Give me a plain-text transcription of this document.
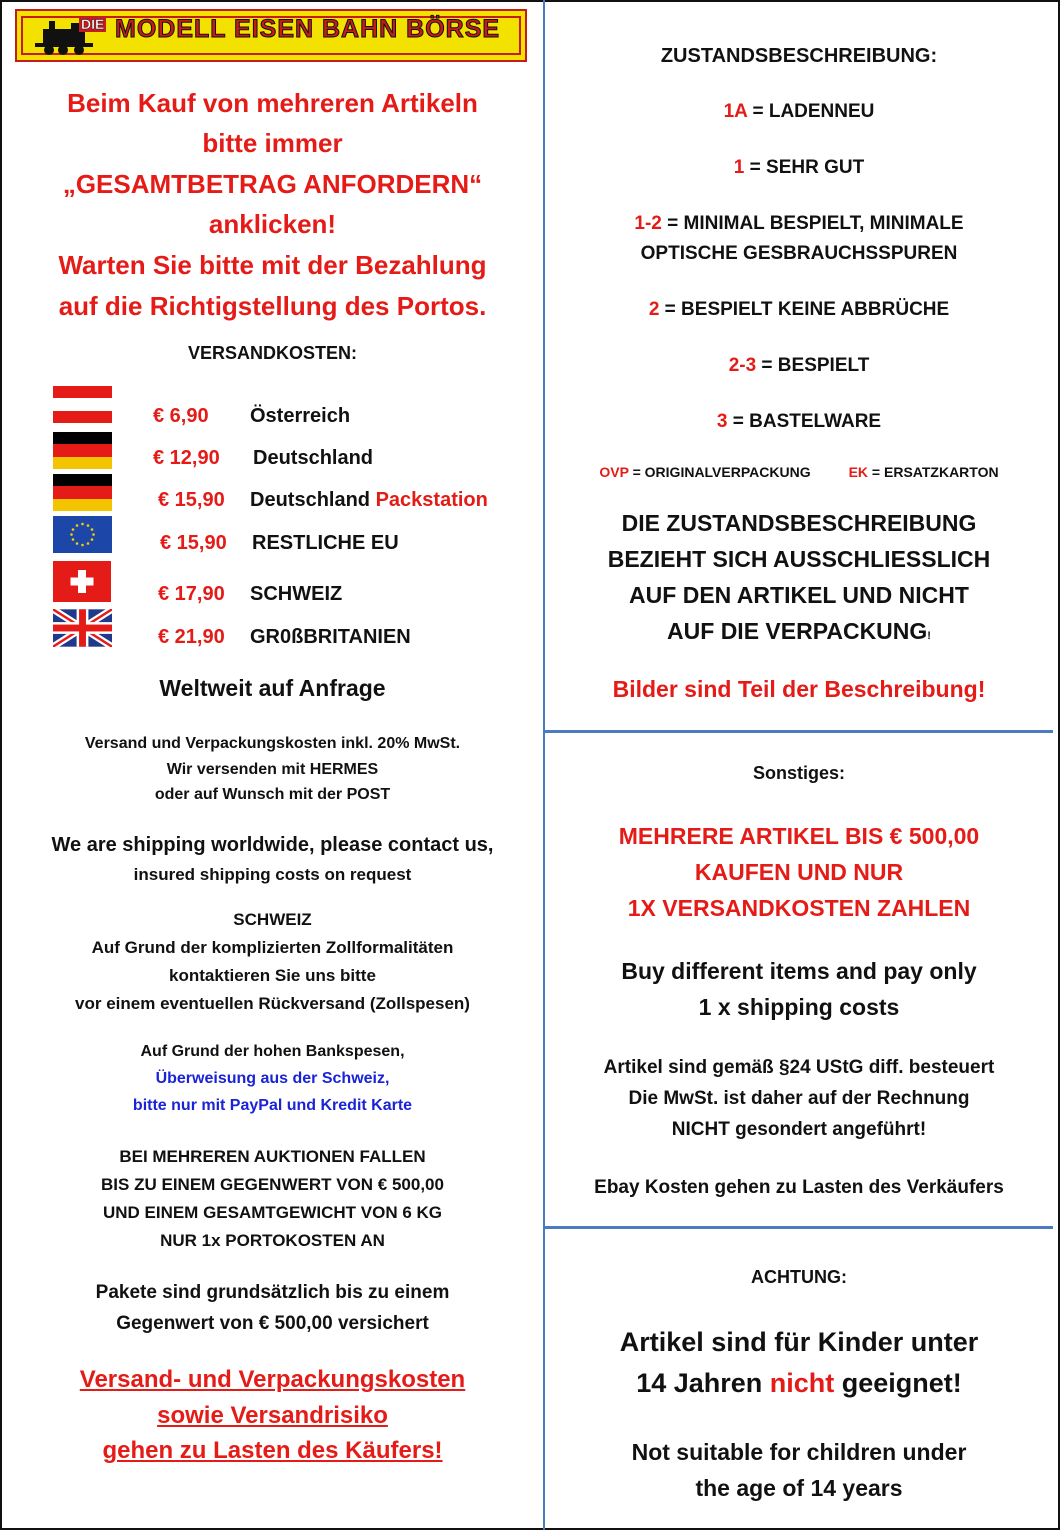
DIE MODELL EISEN BAHN BÖRSE
Beim Kauf von mehreren Artikeln
bitte immer
„GESAMTBETRAG ANFORDERN“
anklicken!
Warten Sie bitte mit der Bezahlung
auf die Richtigstellung des Portos.
VERSANDKOSTEN:
€ 6,90 Österreich
€ 12,90 Deutschland
€ 15,90 Deutschland Packstation
€ 15,90 RESTLICHE EU
€ 17,90 SCHWEIZ
€ 21,90 GR0ßBRITANIEN
Weltweit auf Anfrage
Versand und Verpackungskosten inkl. 20% MwSt.
Wir versenden mit HERMES
oder auf Wunsch mit der POST
We are shipping worldwide, please contact us,
insured shipping costs on request
SCHWEIZ
Auf Grund der komplizierten Zollformalitäten
kontaktieren Sie uns bitte
vor einem eventuellen Rückversand (Zollspesen)
Auf Grund der hohen Bankspesen,
Überweisung aus der Schweiz,
bitte nur mit PayPal und Kredit Karte
BEI MEHREREN AUKTIONEN FALLEN
BIS ZU EINEM GEGENWERT VON € 500,00
UND EINEM GESAMTGEWICHT VON 6 KG
NUR 1x PORTOKOSTEN AN
Pakete sind grundsätzlich bis zu einem
Gegenwert von € 500,00 versichert
Versand- und Verpackungskosten
sowie Versandrisiko
gehen zu Lasten des Käufers!
ZUSTANDSBESCHREIBUNG:
1A = LADENNEU
1 = SEHR GUT
1-2 = MINIMAL BESPIELT, MINIMALE
OPTISCHE GESBRAUCHSSPUREN
2 = BESPIELT KEINE ABBRÜCHE
2-3 = BESPIELT
3 = BASTELWARE
OVP = ORIGINALVERPACKUNG	EK = ERSATZKARTON
DIE ZUSTANDSBESCHREIBUNG
BEZIEHT SICH AUSSCHLIESSLICH
AUF DEN ARTIKEL UND NICHT
AUF DIE VERPACKUNG!
Bilder sind Teil der Beschreibung!
Sonstiges:
MEHRERE ARTIKEL BIS € 500,00
KAUFEN UND NUR
1X VERSANDKOSTEN ZAHLEN
Buy different items and pay only
1 x shipping costs
Artikel sind gemäß §24 UStG diff. besteuert
Die MwSt. ist daher auf der Rechnung
NICHT gesondert angeführt!
Ebay Kosten gehen zu Lasten des Verkäufers
ACHTUNG:
Artikel sind für Kinder unter
14 Jahren nicht geeignet!
Not suitable for children under
the age of 14 years
